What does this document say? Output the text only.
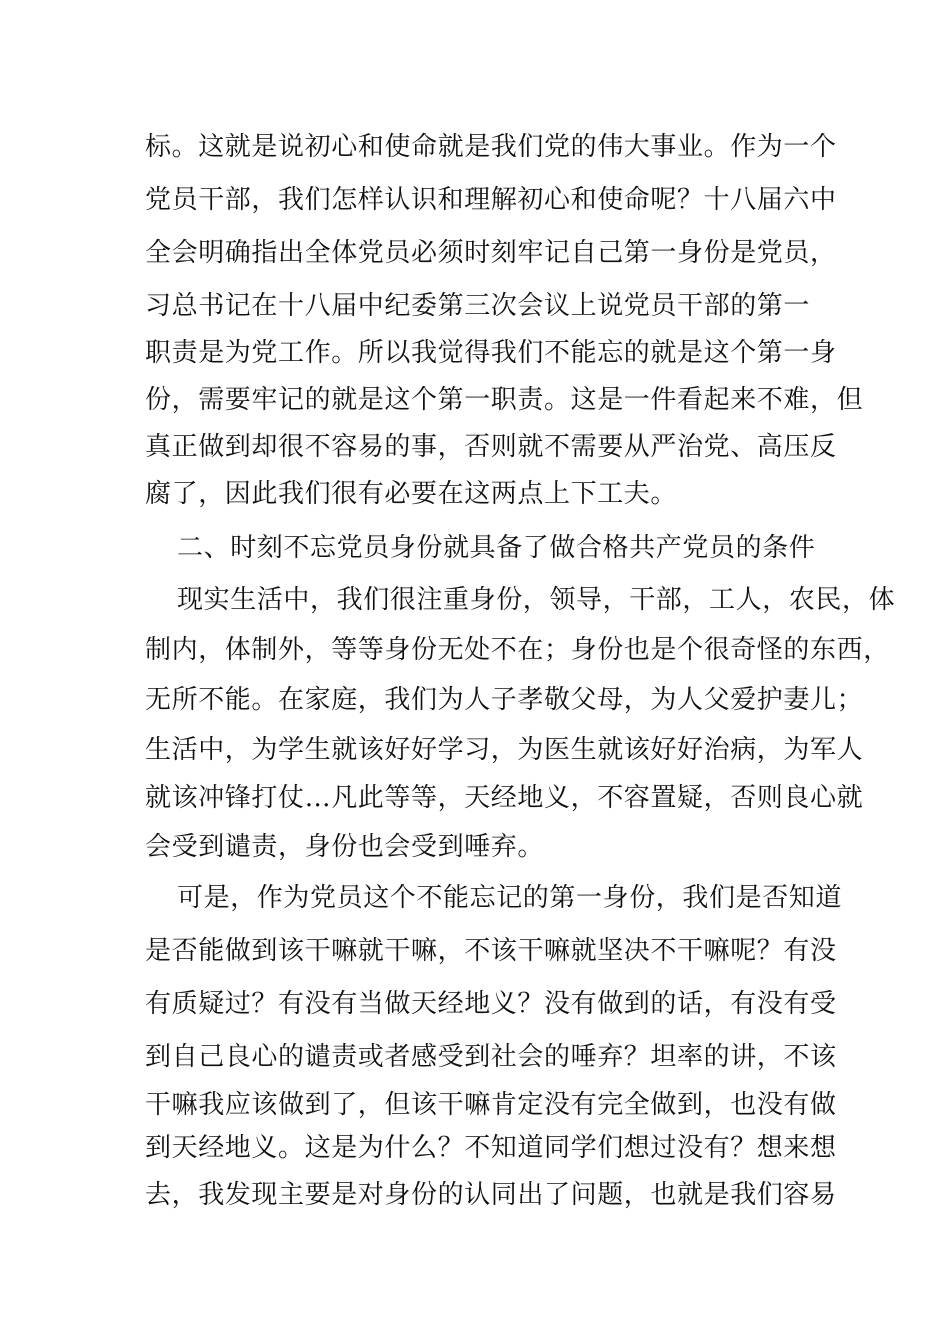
标。这就是说初心和使命就是我们党的伟大事业。作为一个
党员干部，我们怎样认识和理解初心和使命呢？十八届六中
全会明确指出全体党员必须时刻牢记自己第一身份是党员，
习总书记在十八届中纪委第三次会议上说党员干部的第一
职责是为党工作。所以我觉得我们不能忘的就是这个第一身
份，需要牢记的就是这个第一职责。这是一件看起来不难，但
真正做到却很不容易的事，否则就不需要从严治党、高压反
腐了，因此我们很有必要在这两点上下工夫。
二、时刻不忘党员身份就具备了做合格共产党员的条件
现实生活中，我们很注重身份，领导，干部，工人，农民，体
制内，体制外，等等身份无处不在；身份也是个很奇怪的东西，
无所不能。在家庭，我们为人子孝敬父母，为人父爱护妻儿；
生活中，为学生就该好好学习，为医生就该好好治病，为军人
就该冲锋打仗…凡此等等，天经地义，不容置疑，否则良心就
会受到谴责，身份也会受到唾弃。
可是，作为党员这个不能忘记的第一身份，我们是否知道
是否能做到该干嘛就干嘛，不该干嘛就坚决不干嘛呢？有没
有质疑过？有没有当做天经地义？没有做到的话，有没有受
到自己良心的谴责或者感受到社会的唾弃？坦率的讲，不该
干嘛我应该做到了，但该干嘛肯定没有完全做到，也没有做
到天经地义。这是为什么？不知道同学们想过没有？想来想
去，我发现主要是对身份的认同出了问题，也就是我们容易
